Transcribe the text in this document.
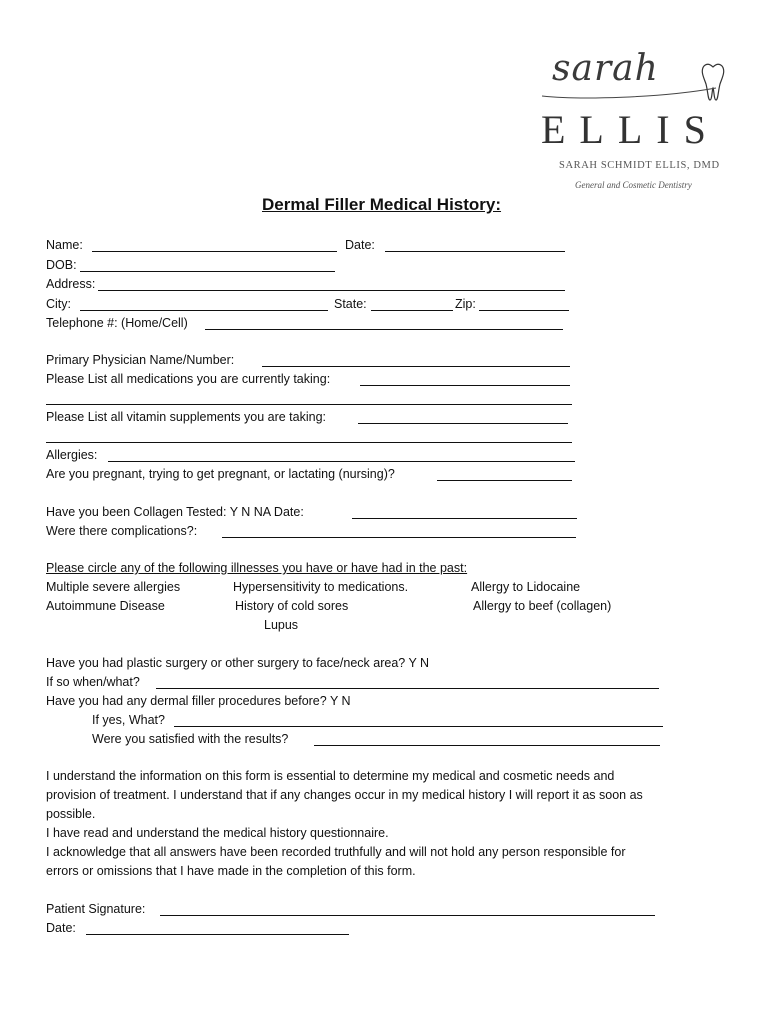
sarah
ELLIS
SARAH SCHMIDT ELLIS, DMD
General and Cosmetic Dentistry
Dermal Filler Medical History:
Name:	Date:
DOB:
Address:
City:	State:	Zip:
Telephone #: (Home/Cell)
Primary Physician Name/Number:
Please List all medications you are currently taking:
Please List all vitamin supplements you are taking:
Allergies:
Are you pregnant, trying to get pregnant, or lactating (nursing)?
Have you been Collagen Tested: Y N NA Date:
Were there complications?:
Please circle any of the following illnesses you have or have had in the past:
Multiple severe allergies	Hypersensitivity to medications.	Allergy to Lidocaine
Autoimmune Disease	History of cold sores	Allergy to beef (collagen)
Lupus
Have you had plastic surgery or other surgery to face/neck area? Y N
If so when/what?
Have you had any dermal filler procedures before? Y N
If yes, What?
Were you satisfied with the results?
I understand the information on this form is essential to determine my medical and cosmetic needs and
provision of treatment. I understand that if any changes occur in my medical history I will report it as soon as
possible.
I have read and understand the medical history questionnaire.
I acknowledge that all answers have been recorded truthfully and will not hold any person responsible for
errors or omissions that I have made in the completion of this form.
Patient Signature:
Date:
